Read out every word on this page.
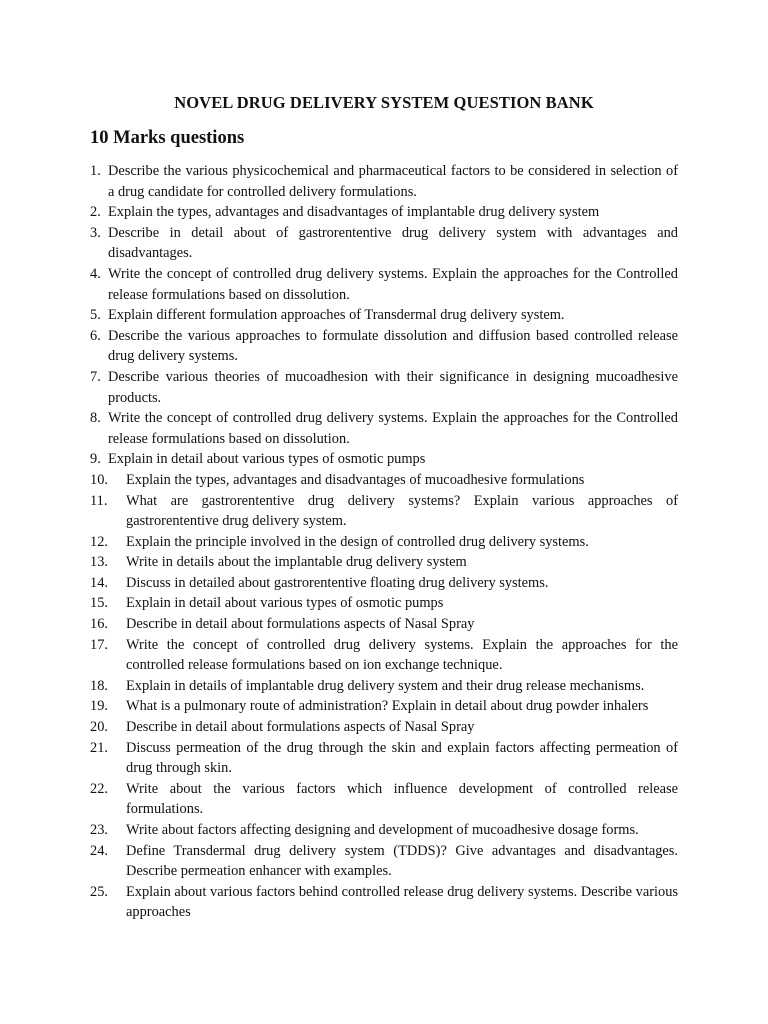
NOVEL DRUG DELIVERY SYSTEM QUESTION BANK
10 Marks questions
1. Describe the various physicochemical and pharmaceutical factors to be considered in selection of a drug candidate for controlled delivery formulations.
2. Explain the types, advantages and disadvantages of implantable drug delivery system
3. Describe in detail about of gastrorententive drug delivery system with advantages and disadvantages.
4. Write the concept of controlled drug delivery systems. Explain the approaches for the Controlled release formulations based on dissolution.
5. Explain different formulation approaches of Transdermal drug delivery system.
6. Describe the various approaches to formulate dissolution and diffusion based controlled release drug delivery systems.
7. Describe various theories of mucoadhesion with their significance in designing mucoadhesive products.
8. Write the concept of controlled drug delivery systems. Explain the approaches for the Controlled release formulations based on dissolution.
9. Explain in detail about various types of osmotic pumps
10. Explain the types, advantages and disadvantages of mucoadhesive formulations
11. What are gastrorententive drug delivery systems? Explain various approaches of gastrorententive drug delivery system.
12. Explain the principle involved in the design of controlled drug delivery systems.
13. Write in details about the implantable drug delivery system
14. Discuss in detailed about gastrorententive floating drug delivery systems.
15. Explain in detail about various types of osmotic pumps
16. Describe in detail about formulations aspects of Nasal Spray
17. Write the concept of controlled drug delivery systems. Explain the approaches for the controlled release formulations based on ion exchange technique.
18. Explain in details of implantable drug delivery system and their drug release mechanisms.
19. What is a pulmonary route of administration? Explain in detail about drug powder inhalers
20. Describe in detail about formulations aspects of Nasal Spray
21. Discuss permeation of the drug through the skin and explain factors affecting permeation of drug through skin.
22. Write about the various factors which influence development of controlled release formulations.
23. Write about factors affecting designing and development of mucoadhesive dosage forms.
24. Define Transdermal drug delivery system (TDDS)? Give advantages and disadvantages. Describe permeation enhancer with examples.
25. Explain about various factors behind controlled release drug delivery systems. Describe various approaches
